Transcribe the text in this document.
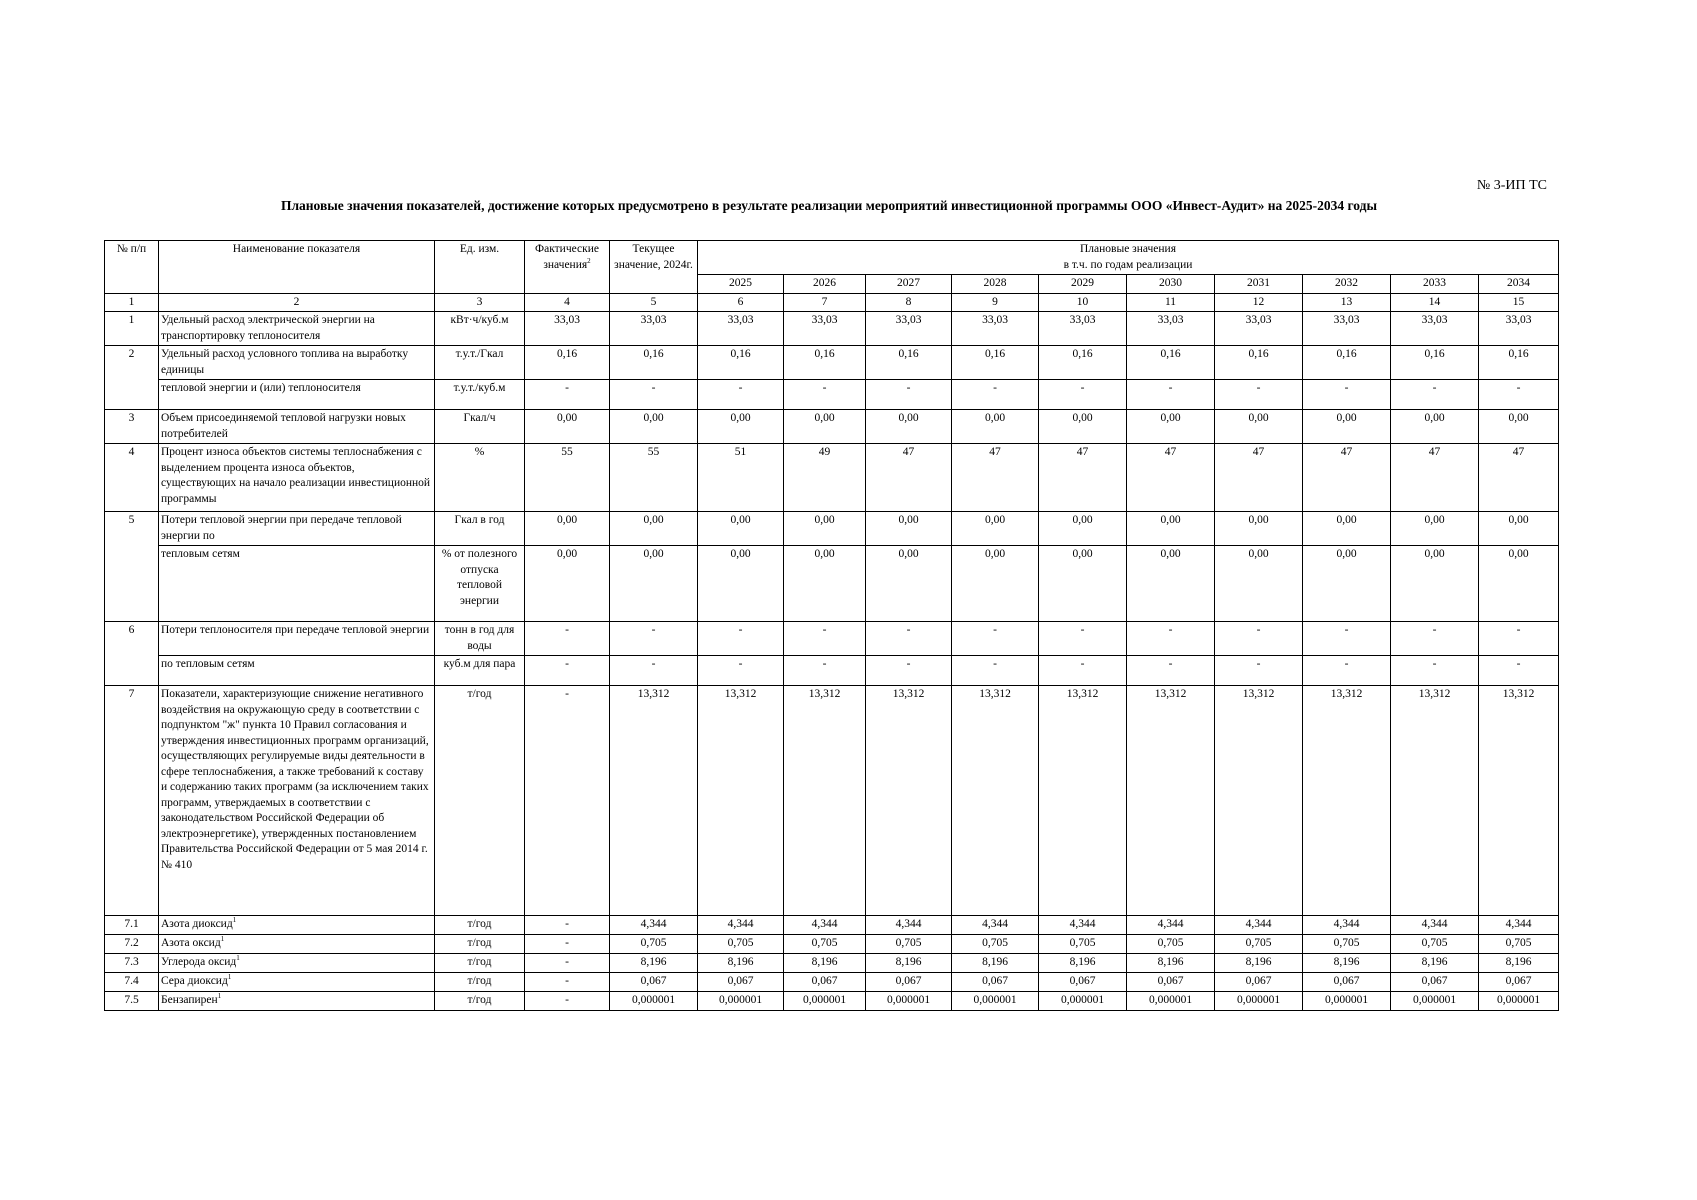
№ 3-ИП ТС
Плановые значения показателей, достижение которых предусмотрено в результате реализации мероприятий инвестиционной программы ООО «Инвест-Аудит» на 2025-2034 годы
№ п/п	Наименование показателя	Ед. изм.	Фактические значения$^2$	Текущее значение, 2024г.	Плановые значения
в т.ч. по годам реализации									

					2025	2026	2027	2028	2029	2030	2031	2032	2033	2034
1	2	3	4	5	6	7	8	9	10	11	12	13	14	15
1	Удельный расход электрической энергии на транспортировку теплоносителя	кВт·ч/куб.м	33,03	33,03	33,03	33,03	33,03	33,03	33,03	33,03	33,03	33,03	33,03	33,03
2	Удельный расход условного топлива на выработку единицы	т.у.т./Гкал	0,16	0,16	0,16	0,16	0,16	0,16	0,16	0,16	0,16	0,16	0,16	0,16
	тепловой энергии и (или) теплоносителя	т.у.т./куб.м	-	-	-	-	-	-	-	-	-	-	-	-
3	Объем присоединяемой тепловой нагрузки новых потребителей	Гкал/ч	0,00	0,00	0,00	0,00	0,00	0,00	0,00	0,00	0,00	0,00	0,00	0,00
4	Процент износа объектов системы теплоснабжения с выделением процента износа объектов, существующих на начало реализации инвестиционной программы	%	55	55	51	49	47	47	47	47	47	47	47	47
5	Потери тепловой энергии при передаче тепловой энергии по	Гкал в год	0,00	0,00	0,00	0,00	0,00	0,00	0,00	0,00	0,00	0,00	0,00	0,00
	тепловым сетям	% от полезного отпуска тепловой энергии	0,00	0,00	0,00	0,00	0,00	0,00	0,00	0,00	0,00	0,00	0,00	0,00
6	Потери теплоносителя при передаче тепловой энергии	тонн в год для воды	-	-	-	-	-	-	-	-	-	-	-	-
	по тепловым сетям	куб.м для пара	-	-	-	-	-	-	-	-	-	-	-	-
7	Показатели, характеризующие снижение негативного воздействия на окружающую среду в соответствии с подпунктом "ж" пункта 10 Правил согласования и утверждения инвестиционных программ организаций, осуществляющих регулируемые виды деятельности в сфере теплоснабжения, а также требований к составу и содержанию таких программ (за исключением таких программ, утверждаемых в соответствии с законодательством Российской Федерации об электроэнергетике), утвержденных постановлением Правительства Российской Федерации от 5 мая 2014 г. № 410	т/год	-	13,312	13,312	13,312	13,312	13,312	13,312	13,312	13,312	13,312	13,312	13,312
7.1	Азота диоксид$^1$	т/год	-	4,344	4,344	4,344	4,344	4,344	4,344	4,344	4,344	4,344	4,344	4,344
7.2	Азота оксид$^1$	т/год	-	0,705	0,705	0,705	0,705	0,705	0,705	0,705	0,705	0,705	0,705	0,705
7.3	Углерода оксид$^1$	т/год	-	8,196	8,196	8,196	8,196	8,196	8,196	8,196	8,196	8,196	8,196	8,196
7.4	Сера диоксид$^1$	т/год	-	0,067	0,067	0,067	0,067	0,067	0,067	0,067	0,067	0,067	0,067	0,067
7.5	Бензапирен$^1$	т/год	-	0,000001	0,000001	0,000001	0,000001	0,000001	0,000001	0,000001	0,000001	0,000001	0,000001	0,000001
